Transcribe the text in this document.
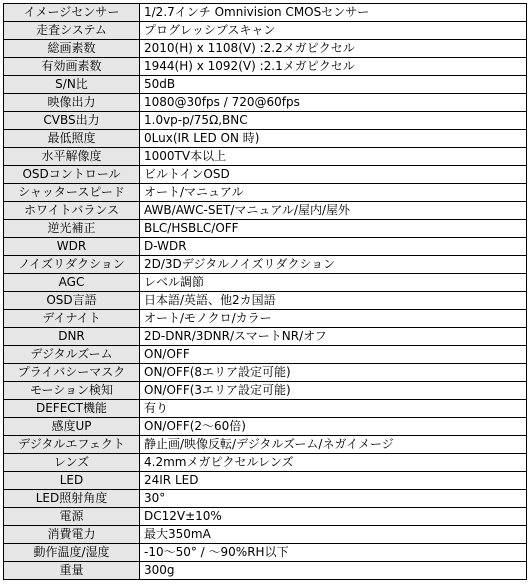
イメージセンサー	1/2.7インチ Omnivision CMOSセンサー
走査システム	プログレッシブスキャン
総画素数	2010(H) x 1108(V) :2.2メガピクセル
有効画素数	1944(H) x 1092(V) :2.1メガピクセル
S/N比	50dB
映像出力	1080@30fps / 720@60fps
CVBS出力	1.0vp-p/75Ω,BNC
最低照度	0Lux(IR LED ON 時)
水平解像度	1000TV本以上
OSDコントロール	ビルトインOSD
シャッタースピード	オート/マニュアル
ホワイトバランス	AWB/AWC-SET/マニュアル/屋内/屋外
逆光補正	BLC/HSBLC/OFF
WDR	D-WDR
ノイズリダクション	2D/3Dデジタルノイズリダクション
AGC	レベル調節
OSD言語	日本語/英語、他2カ国語
デイナイト	オート/モノクロ/カラー
DNR	2D-DNR/3DNR/スマートNR/オフ
デジタルズーム	ON/OFF
プライバシーマスク	ON/OFF(8エリア設定可能)
モーション検知	ON/OFF(3エリア設定可能)
DEFECT機能	有り
感度UP	ON/OFF(2〜60倍)
デジタルエフェクト	静止画/映像反転/デジタルズーム/ネガイメージ
レンズ	4.2mmメガピクセルレンズ
LED	24IR LED
LED照射角度	30°
電源	DC12V±10%
消費電力	最大350mA
動作温度/湿度	-10〜50° / 〜90%RH以下
重量	300g
